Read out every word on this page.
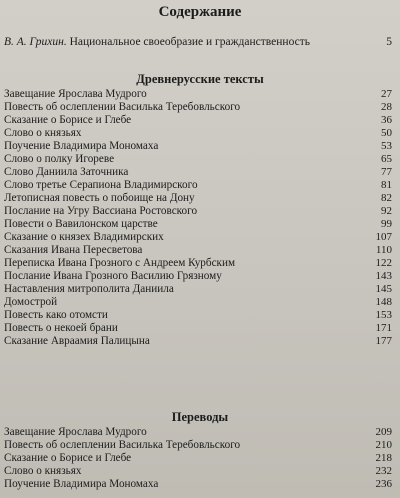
Содержание
В. А. Грихин. Национальное своеобразие и гражданственность	5
Древнерусские тексты
Завещание Ярослава Мудрого	27
Повесть об ослеплении Василька Теребовльского	28
Сказание о Борисе и Глебе	36
Слово о князьях	50
Поучение Владимира Мономаха	53
Слово о полку Игореве	65
Слово Даниила Заточника	77
Слово третье Серапиона Владимирского	81
Летописная повесть о побоище на Дону	82
Послание на Угру Вассиана Ростовского	92
Повести о Вавилонском царстве	99
Сказание о князех Владимирских	107
Сказания Ивана Пересветова	110
Переписка Ивана Грозного с Андреем Курбским	122
Послание Ивана Грозного Василию Грязному	143
Наставления митрополита Даниила	145
Домострой	148
Повесть како отомсти	153
Повесть о некоей брани	171
Сказание Авраамия Палицына	177
Переводы
Завещание Ярослава Мудрого	209
Повесть об ослеплении Василька Теребовльского	210
Сказание о Борисе и Глебе	218
Слово о князьях	232
Поучение Владимира Мономаха	236
